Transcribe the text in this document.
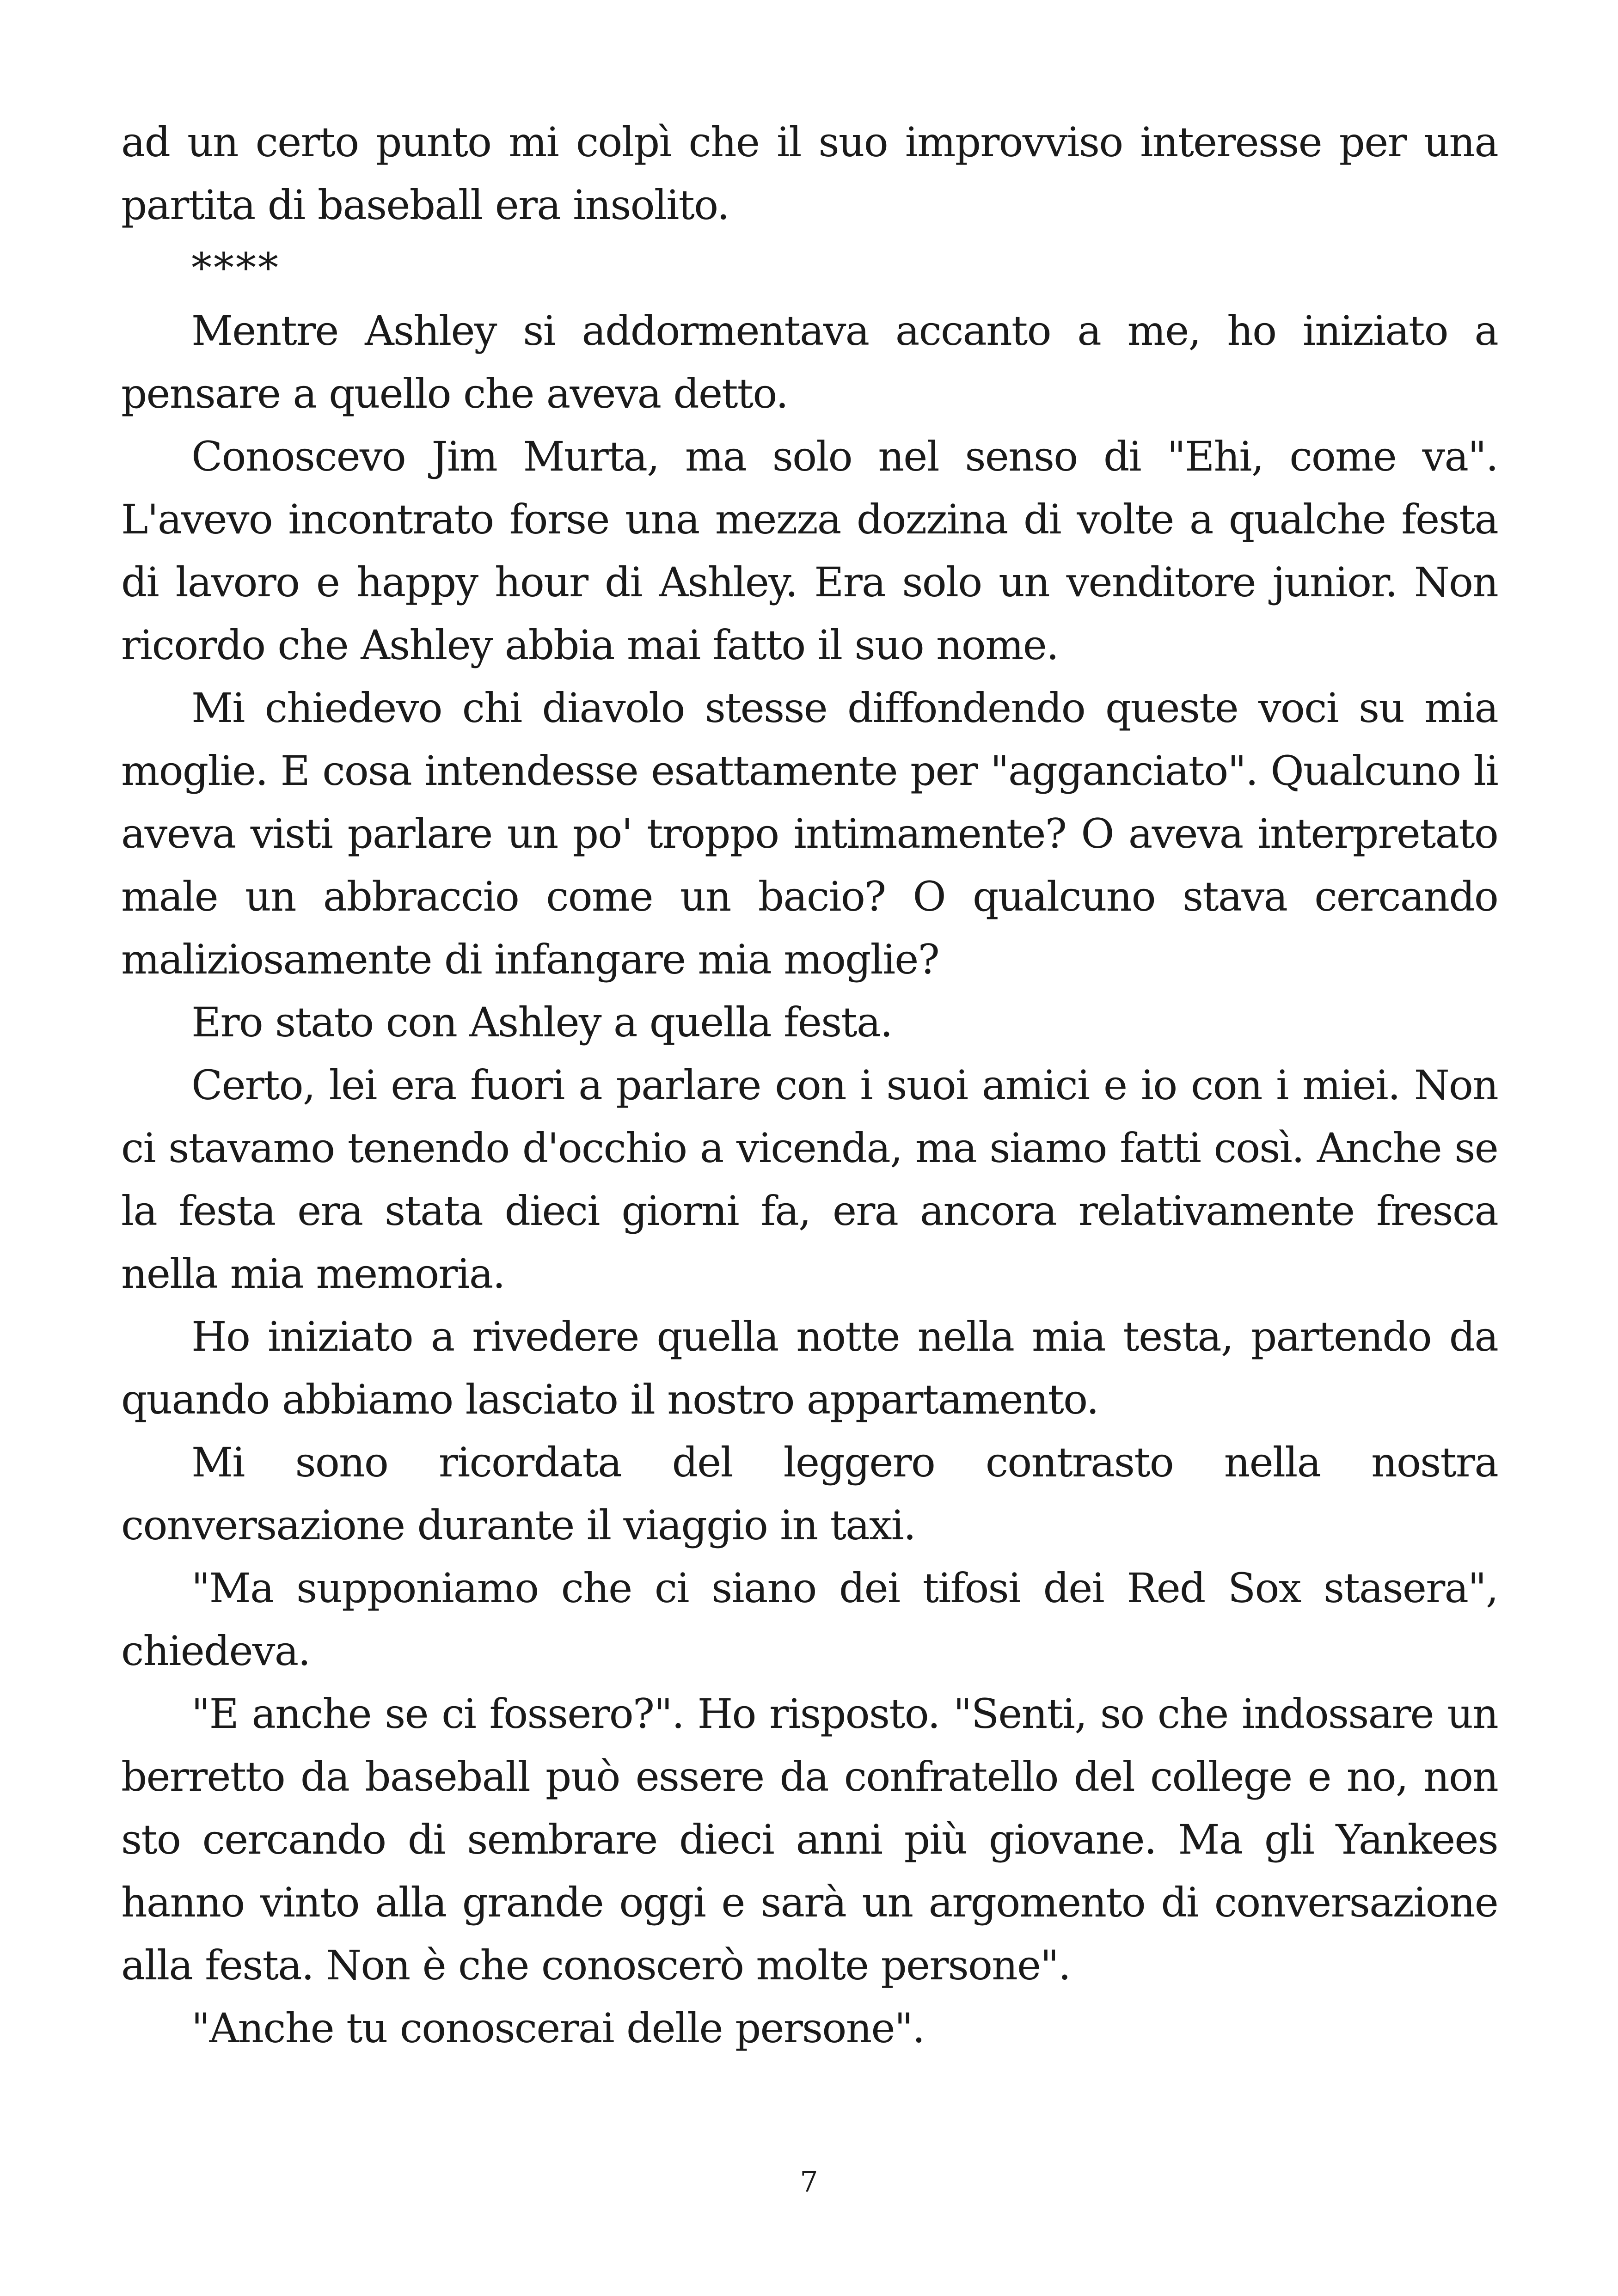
ad un certo punto mi colpì che il suo improvviso interesse per una partita di baseball era insolito.

****

Mentre Ashley si addormentava accanto a me, ho iniziato a pensare a quello che aveva detto.

Conoscevo Jim Murta, ma solo nel senso di "Ehi, come va". L'avevo incontrato forse una mezza dozzina di volte a qualche festa di lavoro e happy hour di Ashley. Era solo un venditore junior. Non ricordo che Ashley abbia mai fatto il suo nome.

Mi chiedevo chi diavolo stesse diffondendo queste voci su mia moglie. E cosa intendesse esattamente per "agganciato". Qualcuno li aveva visti parlare un po' troppo intimamente? O aveva interpretato male un abbraccio come un bacio? O qualcuno stava cercando maliziosamente di infangare mia moglie?

Ero stato con Ashley a quella festa.

Certo, lei era fuori a parlare con i suoi amici e io con i miei. Non ci stavamo tenendo d'occhio a vicenda, ma siamo fatti così. Anche se la festa era stata dieci giorni fa, era ancora relativamente fresca nella mia memoria.

Ho iniziato a rivedere quella notte nella mia testa, partendo da quando abbiamo lasciato il nostro appartamento.

Mi sono ricordata del leggero contrasto nella nostra conversazione durante il viaggio in taxi.

"Ma supponiamo che ci siano dei tifosi dei Red Sox stasera", chiedeva.

"E anche se ci fossero?". Ho risposto. "Senti, so che indossare un berretto da baseball può essere da confratello del college e no, non sto cercando di sembrare dieci anni più giovane. Ma gli Yankees hanno vinto alla grande oggi e sarà un argomento di conversazione alla festa. Non è che conoscerò molte persone".

"Anche tu conoscerai delle persone".

7
